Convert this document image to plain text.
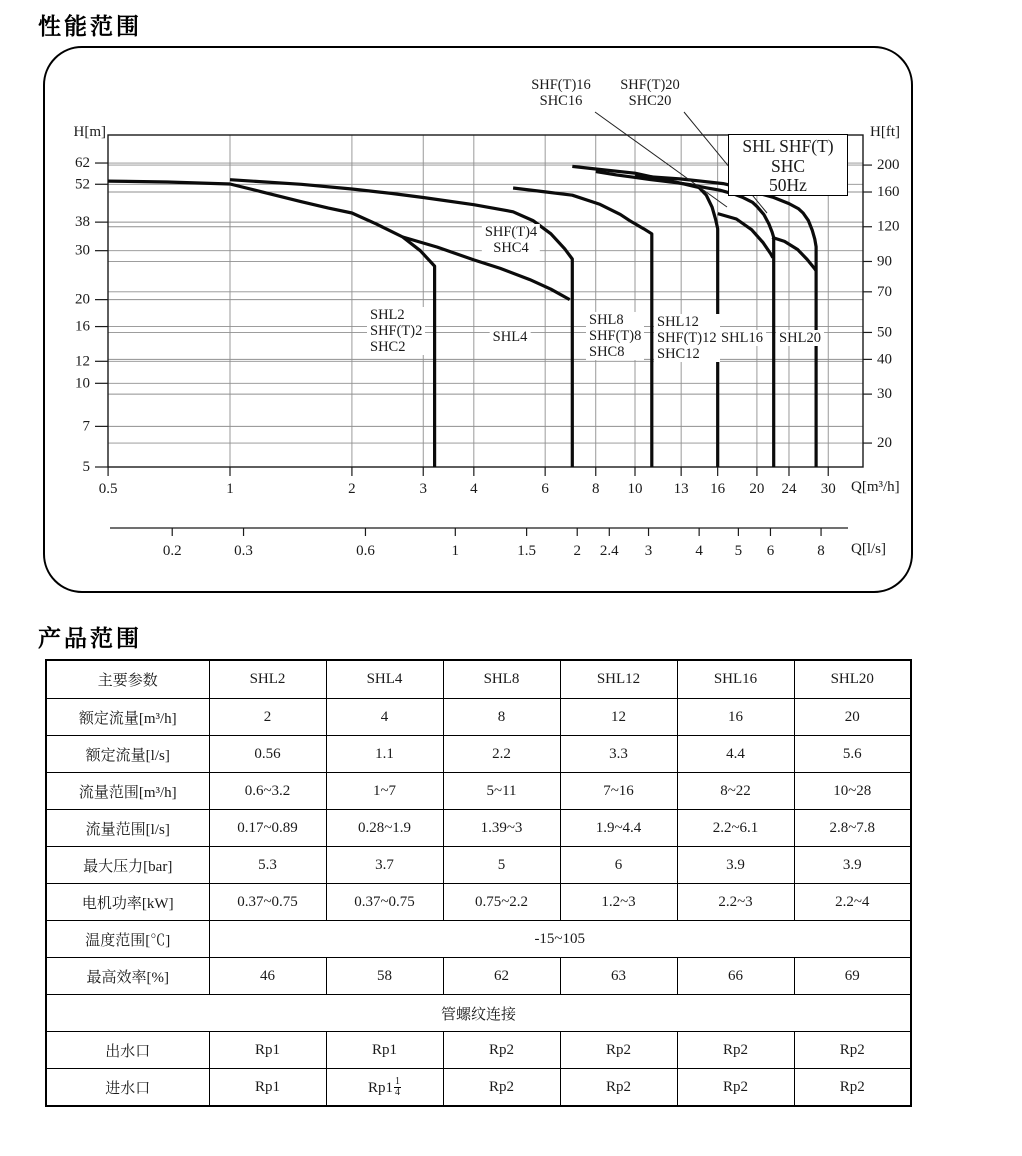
性能范围
62
52
38
30
20
16
12
10
7
5
200
160
120
90
70
50
40
30
20
0.5	1	2	3	4	6	8 10 13 16 20 24 30
0.2	0.3	0.6	1	1.5 2 2.4 3	4 5 6	8
H[m]	H[ft]
Q[m³/h]
Q[l/s]
SHL SHF(T)
SHC
50Hz
SHL2
SHF(T)2
SHC2
SHF(T)4
SHC4
SHL4
SHL8
SHF(T)8
SHC8
SHL12
SHF(T)12
SHC12
SHL16 SHL20
SHF(T)16
SHC16
SHF(T)20
SHC20
产品范围
主要参数	SHL2	SHL4	SHL8	SHL12	SHL16	SHL20
额定流量[m³/h]	2	4	8	12	16	20
额定流量[l/s]	0.56	1.1	2.2	3.3	4.4	5.6
流量范围[m³/h]	0.6~3.2	1~7	5~11	7~16	8~22	10~28
流量范围[l/s]	0.17~0.89	0.28~1.9	1.39~3	1.9~4.4	2.2~6.1	2.8~7.8
最大压力[bar]	5.3	3.7	5	6	3.9	3.9
电机功率[kW]	0.37~0.75	0.37~0.75	0.75~2.2	1.2~3	2.2~3	2.2~4
温度范围[℃]	-15~105					
最高效率[%]	46	58	62	63	66	69
管螺纹连接						
出水口	Rp1	Rp1	Rp2	Rp2	Rp2	Rp2
进水口	Rp1	$Rp1 \frac{1}{4}$	Rp2	Rp2	Rp2	Rp2
